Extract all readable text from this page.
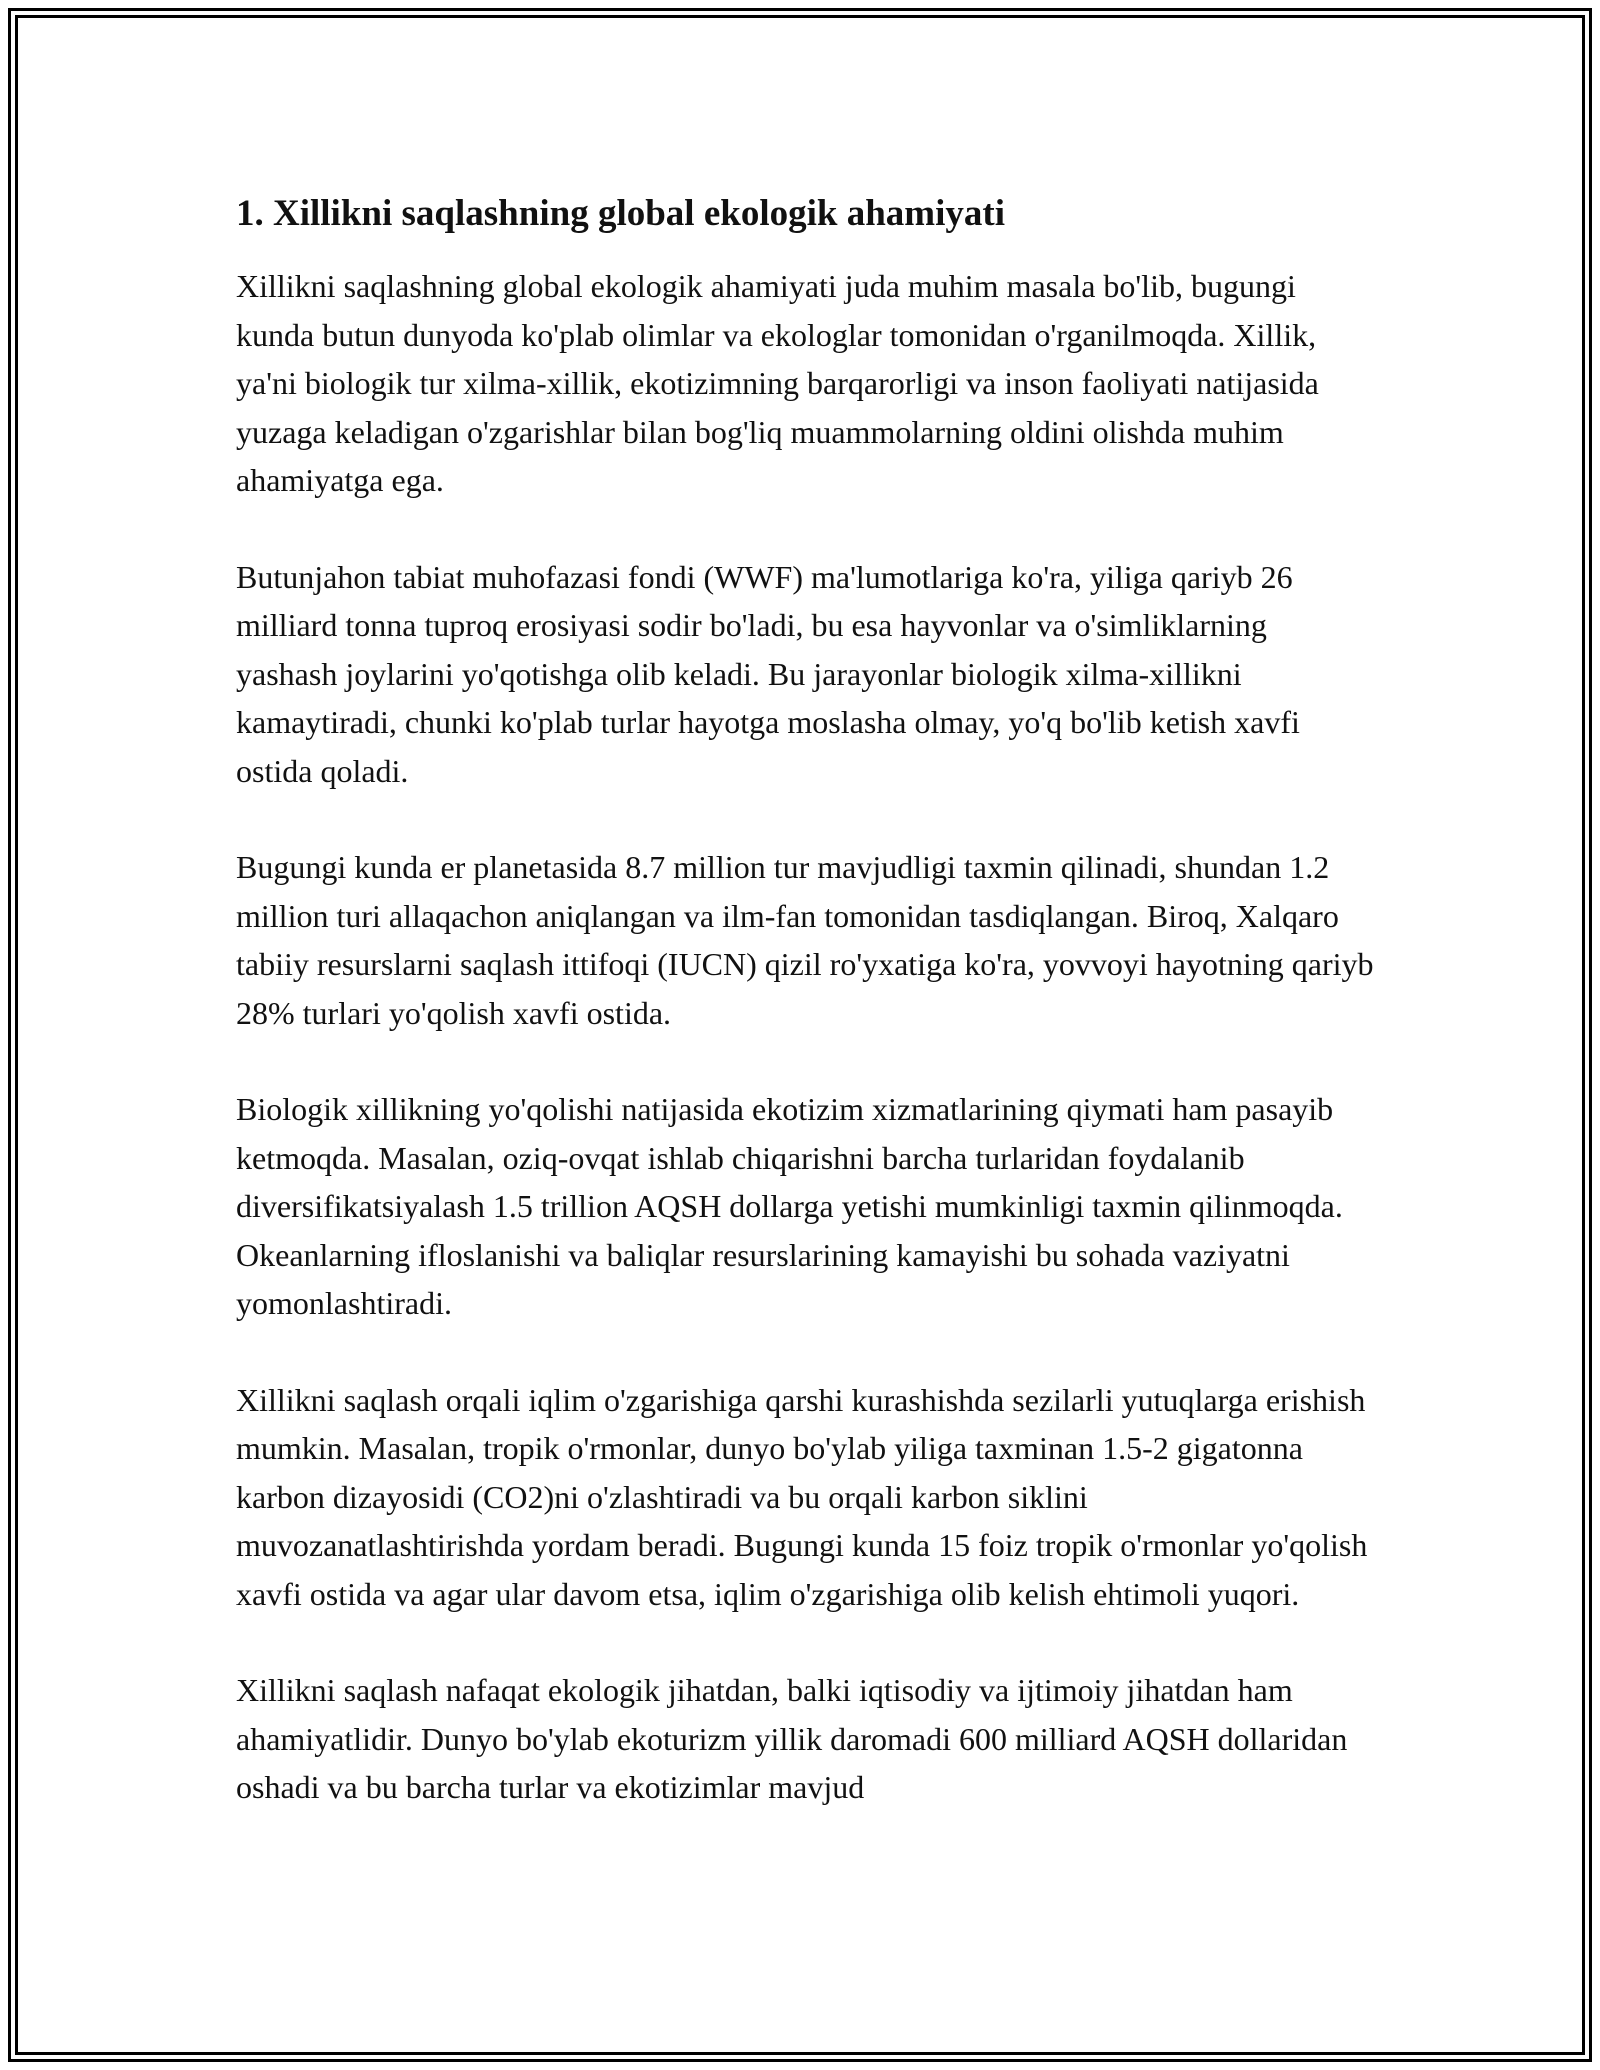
1. Xillikni saqlashning global ekologik ahamiyati

Xillikni saqlashning global ekologik ahamiyati juda muhim masala bo'lib, bugungi kunda butun dunyoda ko'plab olimlar va ekologlar tomonidan o'rganilmoqda. Xillik, ya'ni biologik tur xilma-xillik, ekotizimning barqarorligi va inson faoliyati natijasida yuzaga keladigan o'zgarishlar bilan bog'liq muammolarning oldini olishda muhim ahamiyatga ega.

Butunjahon tabiat muhofazasi fondi (WWF) ma'lumotlariga ko'ra, yiliga qariyb 26 milliard tonna tuproq erosiyasi sodir bo'ladi, bu esa hayvonlar va o'simliklarning yashash joylarini yo'qotishga olib keladi. Bu jarayonlar biologik xilma-xillikni kamaytiradi, chunki ko'plab turlar hayotga moslasha olmay, yo'q bo'lib ketish xavfi ostida qoladi.

Bugungi kunda er planetasida 8.7 million tur mavjudligi taxmin qilinadi, shundan 1.2 million turi allaqachon aniqlangan va ilm-fan tomonidan tasdiqlangan. Biroq, Xalqaro tabiiy resurslarni saqlash ittifoqi (IUCN) qizil ro'yxatiga ko'ra, yovvoyi hayotning qariyb 28% turlari yo'qolish xavfi ostida.

Biologik xillikning yo'qolishi natijasida ekotizim xizmatlarining qiymati ham pasayib ketmoqda. Masalan, oziq-ovqat ishlab chiqarishni barcha turlaridan foydalanib diversifikatsiyalash 1.5 trillion AQSH dollarga yetishi mumkinligi taxmin qilinmoqda. Okeanlarning ifloslanishi va baliqlar resurslarining kamayishi bu sohada vaziyatni yomonlashtiradi.

Xillikni saqlash orqali iqlim o'zgarishiga qarshi kurashishda sezilarli yutuqlarga erishish mumkin. Masalan, tropik o'rmonlar, dunyo bo'ylab yiliga taxminan 1.5-2 gigatonna karbon dizayosidi (CO2)ni o'zlashtiradi va bu orqali karbon siklini muvozanatlashtirishda yordam beradi. Bugungi kunda 15 foiz tropik o'rmonlar yo'qolish xavfi ostida va agar ular davom etsa, iqlim o'zgarishiga olib kelish ehtimoli yuqori.

Xillikni saqlash nafaqat ekologik jihatdan, balki iqtisodiy va ijtimoiy jihatdan ham ahamiyatlidir. Dunyo bo'ylab ekoturizm yillik daromadi 600 milliard AQSH dollaridan oshadi va bu barcha turlar va ekotizimlar mavjud
